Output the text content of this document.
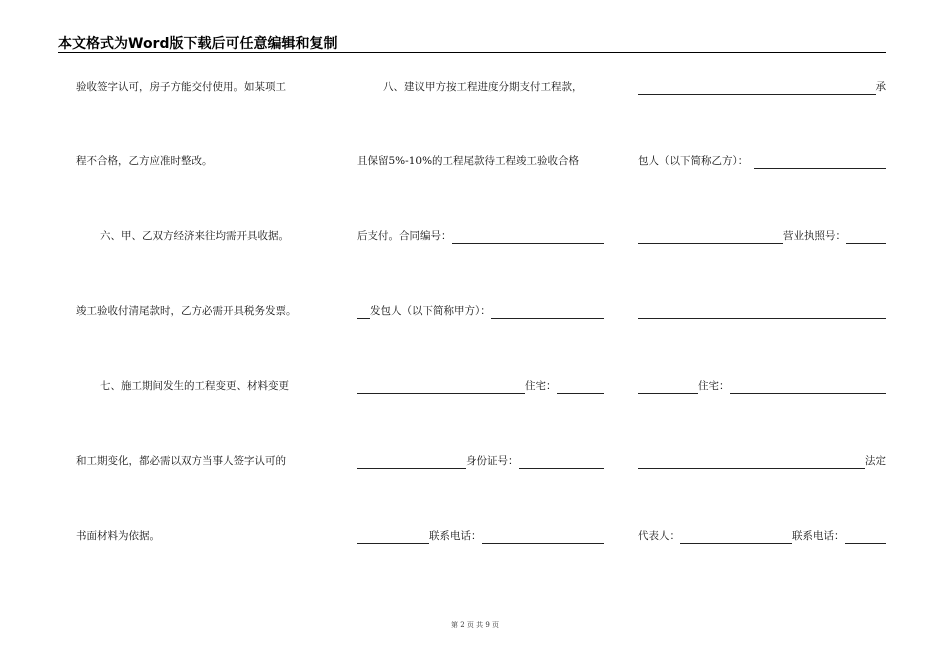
本文格式为Word版下载后可任意编辑和复制
验收签字认可，房子方能交付使用。如某项工
程不合格，乙方应准时整改。
六、甲、乙双方经济来往均需开具收据。
竣工验收付清尾款时，乙方必需开具税务发票。
七、施工期间发生的工程变更、材料变更
和工期变化，都必需以双方当事人签字认可的
书面材料为依据。
八、建议甲方按工程进度分期支付工程款，
且保留5%-10%的工程尾款待工程竣工验收合格
后支付。合同编号：
发包人（以下简称甲方）：
住宅：
身份证号：
联系电话：
承
包人（以下简称乙方）：
营业执照号：
住宅：
法定
代表人：	联系电话：
第 2 页 共 9 页
